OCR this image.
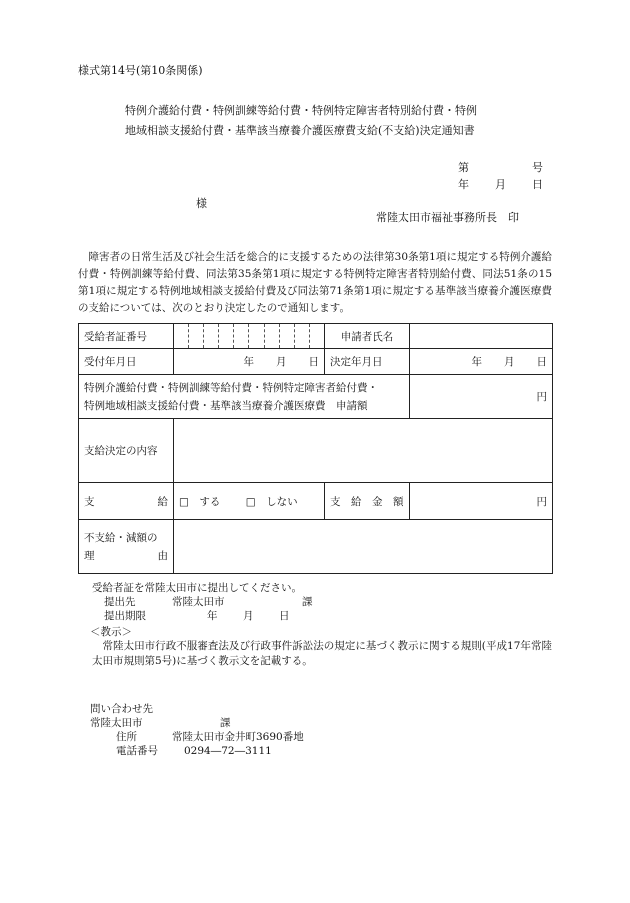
様式第14号(第10条関係)
特例介護給付費・特例訓練等給付費・特例特定障害者特別給付費・特例
地域相談支援給付費・基準該当療養介護医療費支給(不支給)決定通知書
第	号
年 月 日
様
常陸太田市福祉事務所長　印
障害者の日常生活及び社会生活を総合的に支援するための法律第30条第1項に規定する特例介護給付費・特例訓練等給付費、同法第35条第1項に規定する特例特定障害者特別給付費、同法51条の15第1項に規定する特例地域相談支援給付費及び同法第71条第1項に規定する基準該当療養介護医療費の支給については、次のとおり決定したので通知します。
受給者証番号		申請者氏名	

受付年月日	年 月 日	決定年月日	年 月 日

特例介護給付費・特例訓練等給付費・特例特定障害者給付費・
特例地域相談支援給付費・基準該当療養介護医療費　申請額			円
支給決定の内容			

支 給	□　する □　しない	支　給　金　額	円

不支給・減額の
理 由			

受給者証を常陸太田市に提出してください。
提出先	常陸太田市	課
提出期限	年 月 日
＜教示＞
常陸太田市行政不服審査法及び行政事件訴訟法の規定に基づく教示に関する規則(平成17年常陸太田市規則第5号)に基づく教示文を記載する。
問い合わせ先
常陸太田市	課
住所	常陸太田市金井町3690番地
電話番号 0294―72―3111
